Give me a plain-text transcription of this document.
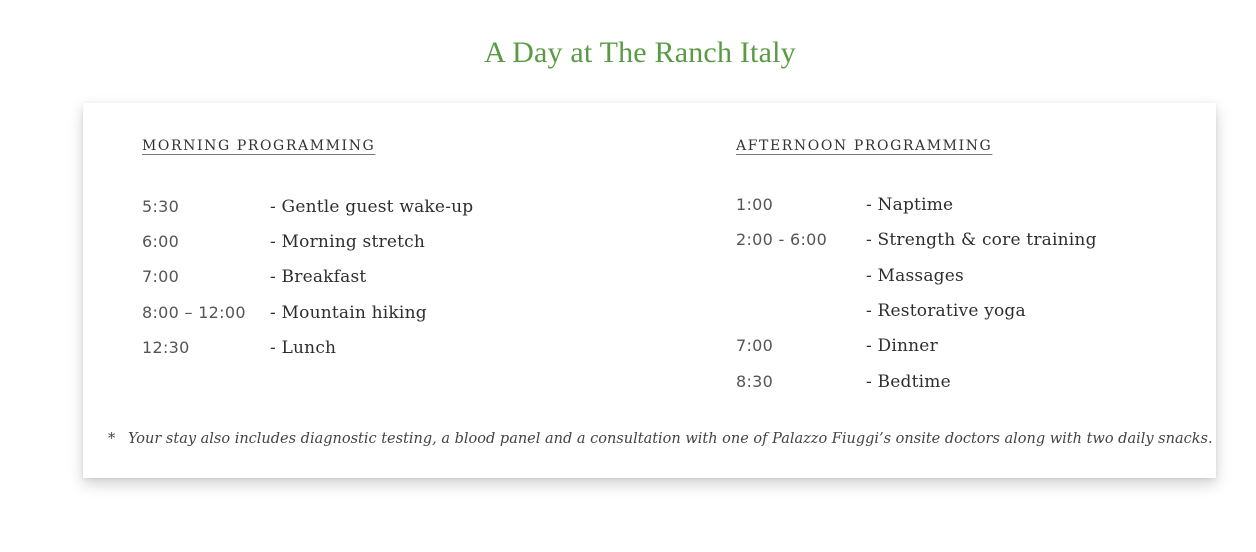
A Day at The Ranch Italy
MORNING PROGRAMMING
5:30	- Gentle guest wake-up
6:00	- Morning stretch
7:00	- Breakfast
8:00 – 12:00 - Mountain hiking
12:30	- Lunch
AFTERNOON PROGRAMMING
1:00	- Naptime
2:00 - 6:00 - Strength & core training
- Massages
- Restorative yoga
7:00	- Dinner
8:30	- Bedtime
* Your stay also includes diagnostic testing, a blood panel and a consultation with one of Palazzo Fiuggi’s onsite doctors along with two daily snacks.
